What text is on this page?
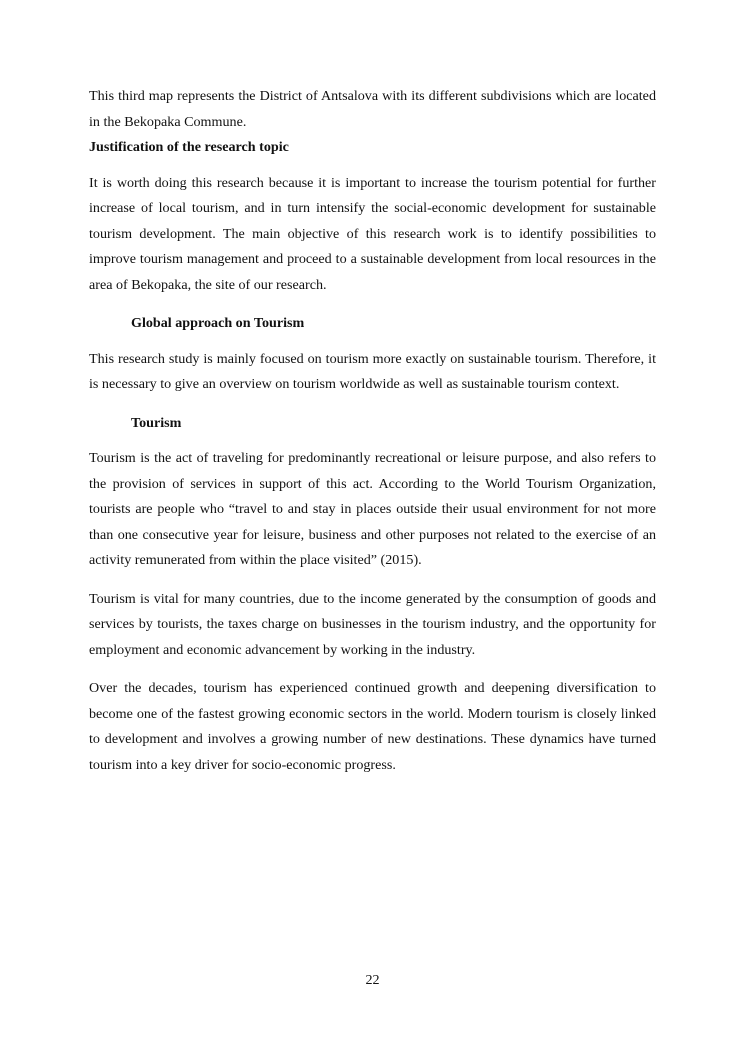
This third map represents the District of Antsalova with its different subdivisions which are located in the Bekopaka Commune.

Justification of the research topic

It is worth doing this research because it is important to increase the tourism potential for further increase of local tourism, and in turn intensify the social-economic development for sustainable tourism development. The main objective of this research work is to identify possibilities to improve tourism management and proceed to a sustainable development from local resources in the area of Bekopaka, the site of our research.

Global approach on Tourism

This research study is mainly focused on tourism more exactly on sustainable tourism. Therefore, it is necessary to give an overview on tourism worldwide as well as sustainable tourism context.

Tourism

Tourism is the act of traveling for predominantly recreational or leisure purpose, and also refers to the provision of services in support of this act. According to the World Tourism Organization, tourists are people who “travel to and stay in places outside their usual environment for not more than one consecutive year for leisure, business and other purposes not related to the exercise of an activity remunerated from within the place visited” (2015).

Tourism is vital for many countries, due to the income generated by the consumption of goods and services by tourists, the taxes charge on businesses in the tourism industry, and the opportunity for employment and economic advancement by working in the industry.

Over the decades, tourism has experienced continued growth and deepening diversification to become one of the fastest growing economic sectors in the world. Modern tourism is closely linked to development and involves a growing number of new destinations. These dynamics have turned tourism into a key driver for socio-economic progress.

22
